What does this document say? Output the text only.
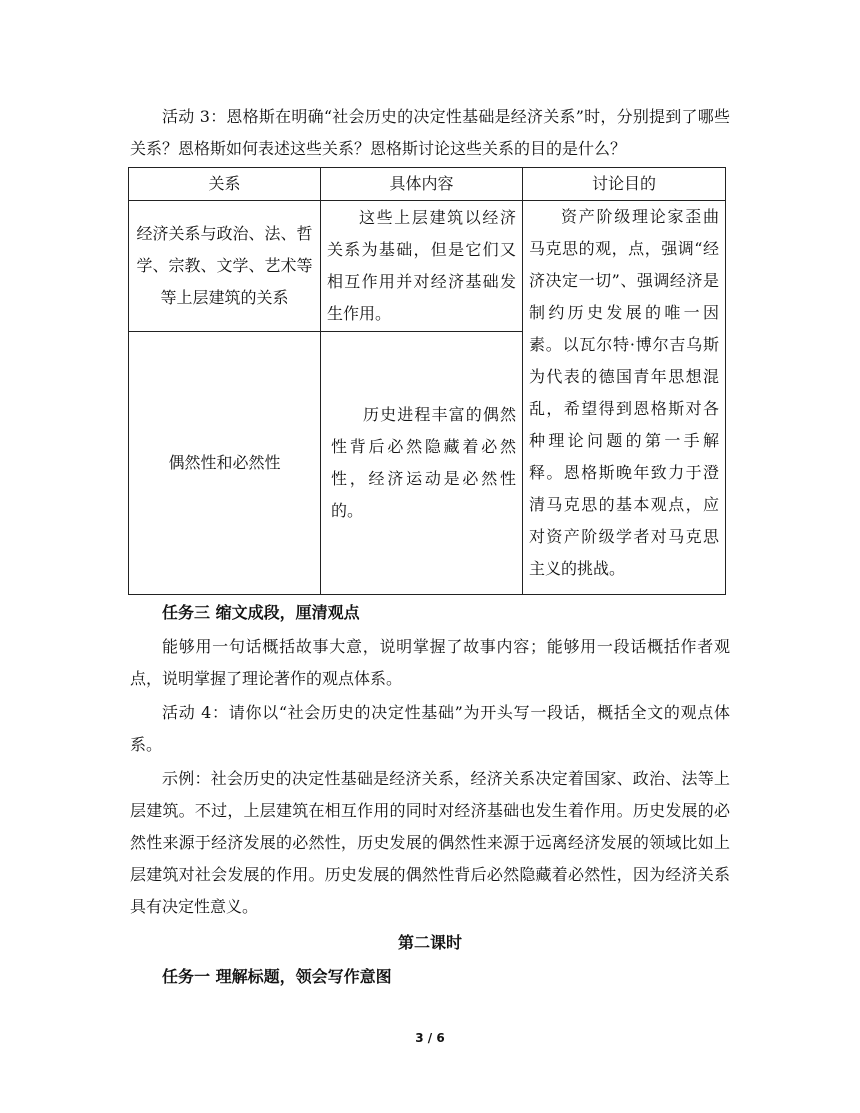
活动 3：恩格斯在明确“社会历史的决定性基础是经济关系”时，分别提到了哪些关系？恩格斯如何表述这些关系？恩格斯讨论这些关系的目的是什么？

关系	具体内容	讨论目的
经济关系与政治、法、哲学、宗教、文学、艺术等等上层建筑的关系	这些上层建筑以经济关系为基础，但是它们又相互作用并对经济基础发生作用。	资产阶级理论家歪曲马克思的观，点，强调“经济决定一切”、强调经济是制约历史发展的唯一因素。以瓦尔特·博尔吉乌斯为代表的德国青年思想混乱，希望得到恩格斯对各种理论问题的第一手解释。恩格斯晚年致力于澄清马克思的基本观点，应对资产阶级学者对马克思主义的挑战。
偶然性和必然性	历史进程丰富的偶然性背后必然隐藏着必然性，经济运动是必然性的。	
任务三 缩文成段，厘清观点

能够用一句话概括故事大意，说明掌握了故事内容；能够用一段话概括作者观点，说明掌握了理论著作的观点体系。

活动 4：请你以“社会历史的决定性基础”为开头写一段话，概括全文的观点体系。

示例：社会历史的决定性基础是经济关系，经济关系决定着国家、政治、法等上层建筑。不过，上层建筑在相互作用的同时对经济基础也发生着作用。历史发展的必然性来源于经济发展的必然性，历史发展的偶然性来源于远离经济发展的领域比如上层建筑对社会发展的作用。历史发展的偶然性背后必然隐藏着必然性，因为经济关系具有决定性意义。

第二课时
任务一 理解标题，领会写作意图
3 / 6
